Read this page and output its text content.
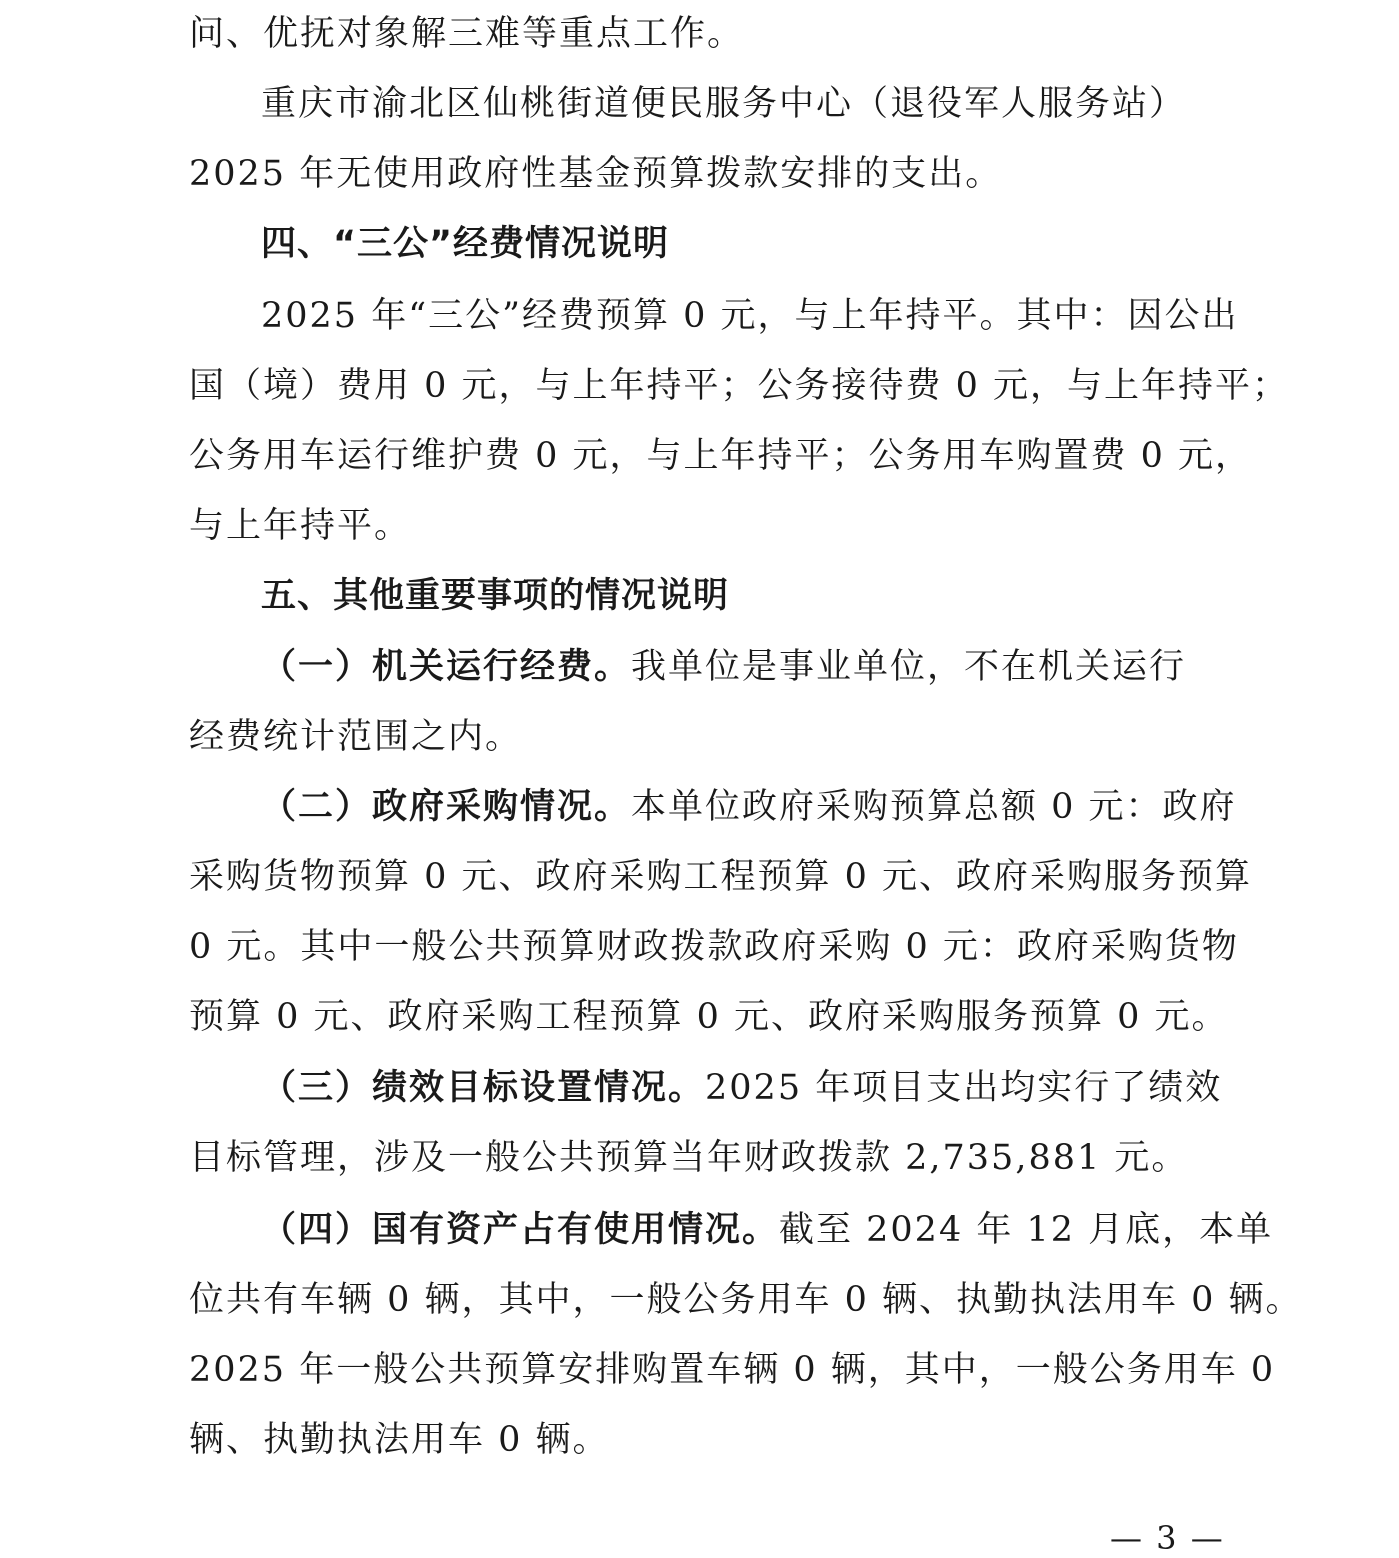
问、优抚对象解三难等重点工作。
重庆市渝北区仙桃街道便民服务中心（退役军人服务站）
2025 年无使用政府性基金预算拨款安排的支出。
四、“三公”经费情况说明
2025 年“三公”经费预算 0 元，与上年持平。其中：因公出
国（境）费用 0 元，与上年持平；公务接待费 0 元，与上年持平；
公务用车运行维护费 0 元，与上年持平；公务用车购置费 0 元，
与上年持平。
五、其他重要事项的情况说明
（一）机关运行经费。我单位是事业单位，不在机关运行
经费统计范围之内。
（二）政府采购情况。本单位政府采购预算总额 0 元：政府
采购货物预算 0 元、政府采购工程预算 0 元、政府采购服务预算
0 元。其中一般公共预算财政拨款政府采购 0 元：政府采购货物
预算 0 元、政府采购工程预算 0 元、政府采购服务预算 0 元。
（三）绩效目标设置情况。2025 年项目支出均实行了绩效
目标管理，涉及一般公共预算当年财政拨款 2,735,881 元。
（四）国有资产占有使用情况。截至 2024 年 12 月底，本单
位共有车辆 0 辆，其中，一般公务用车 0 辆、执勤执法用车 0 辆。
2025 年一般公共预算安排购置车辆 0 辆，其中，一般公务用车 0
辆、执勤执法用车 0 辆。
— 3 —
